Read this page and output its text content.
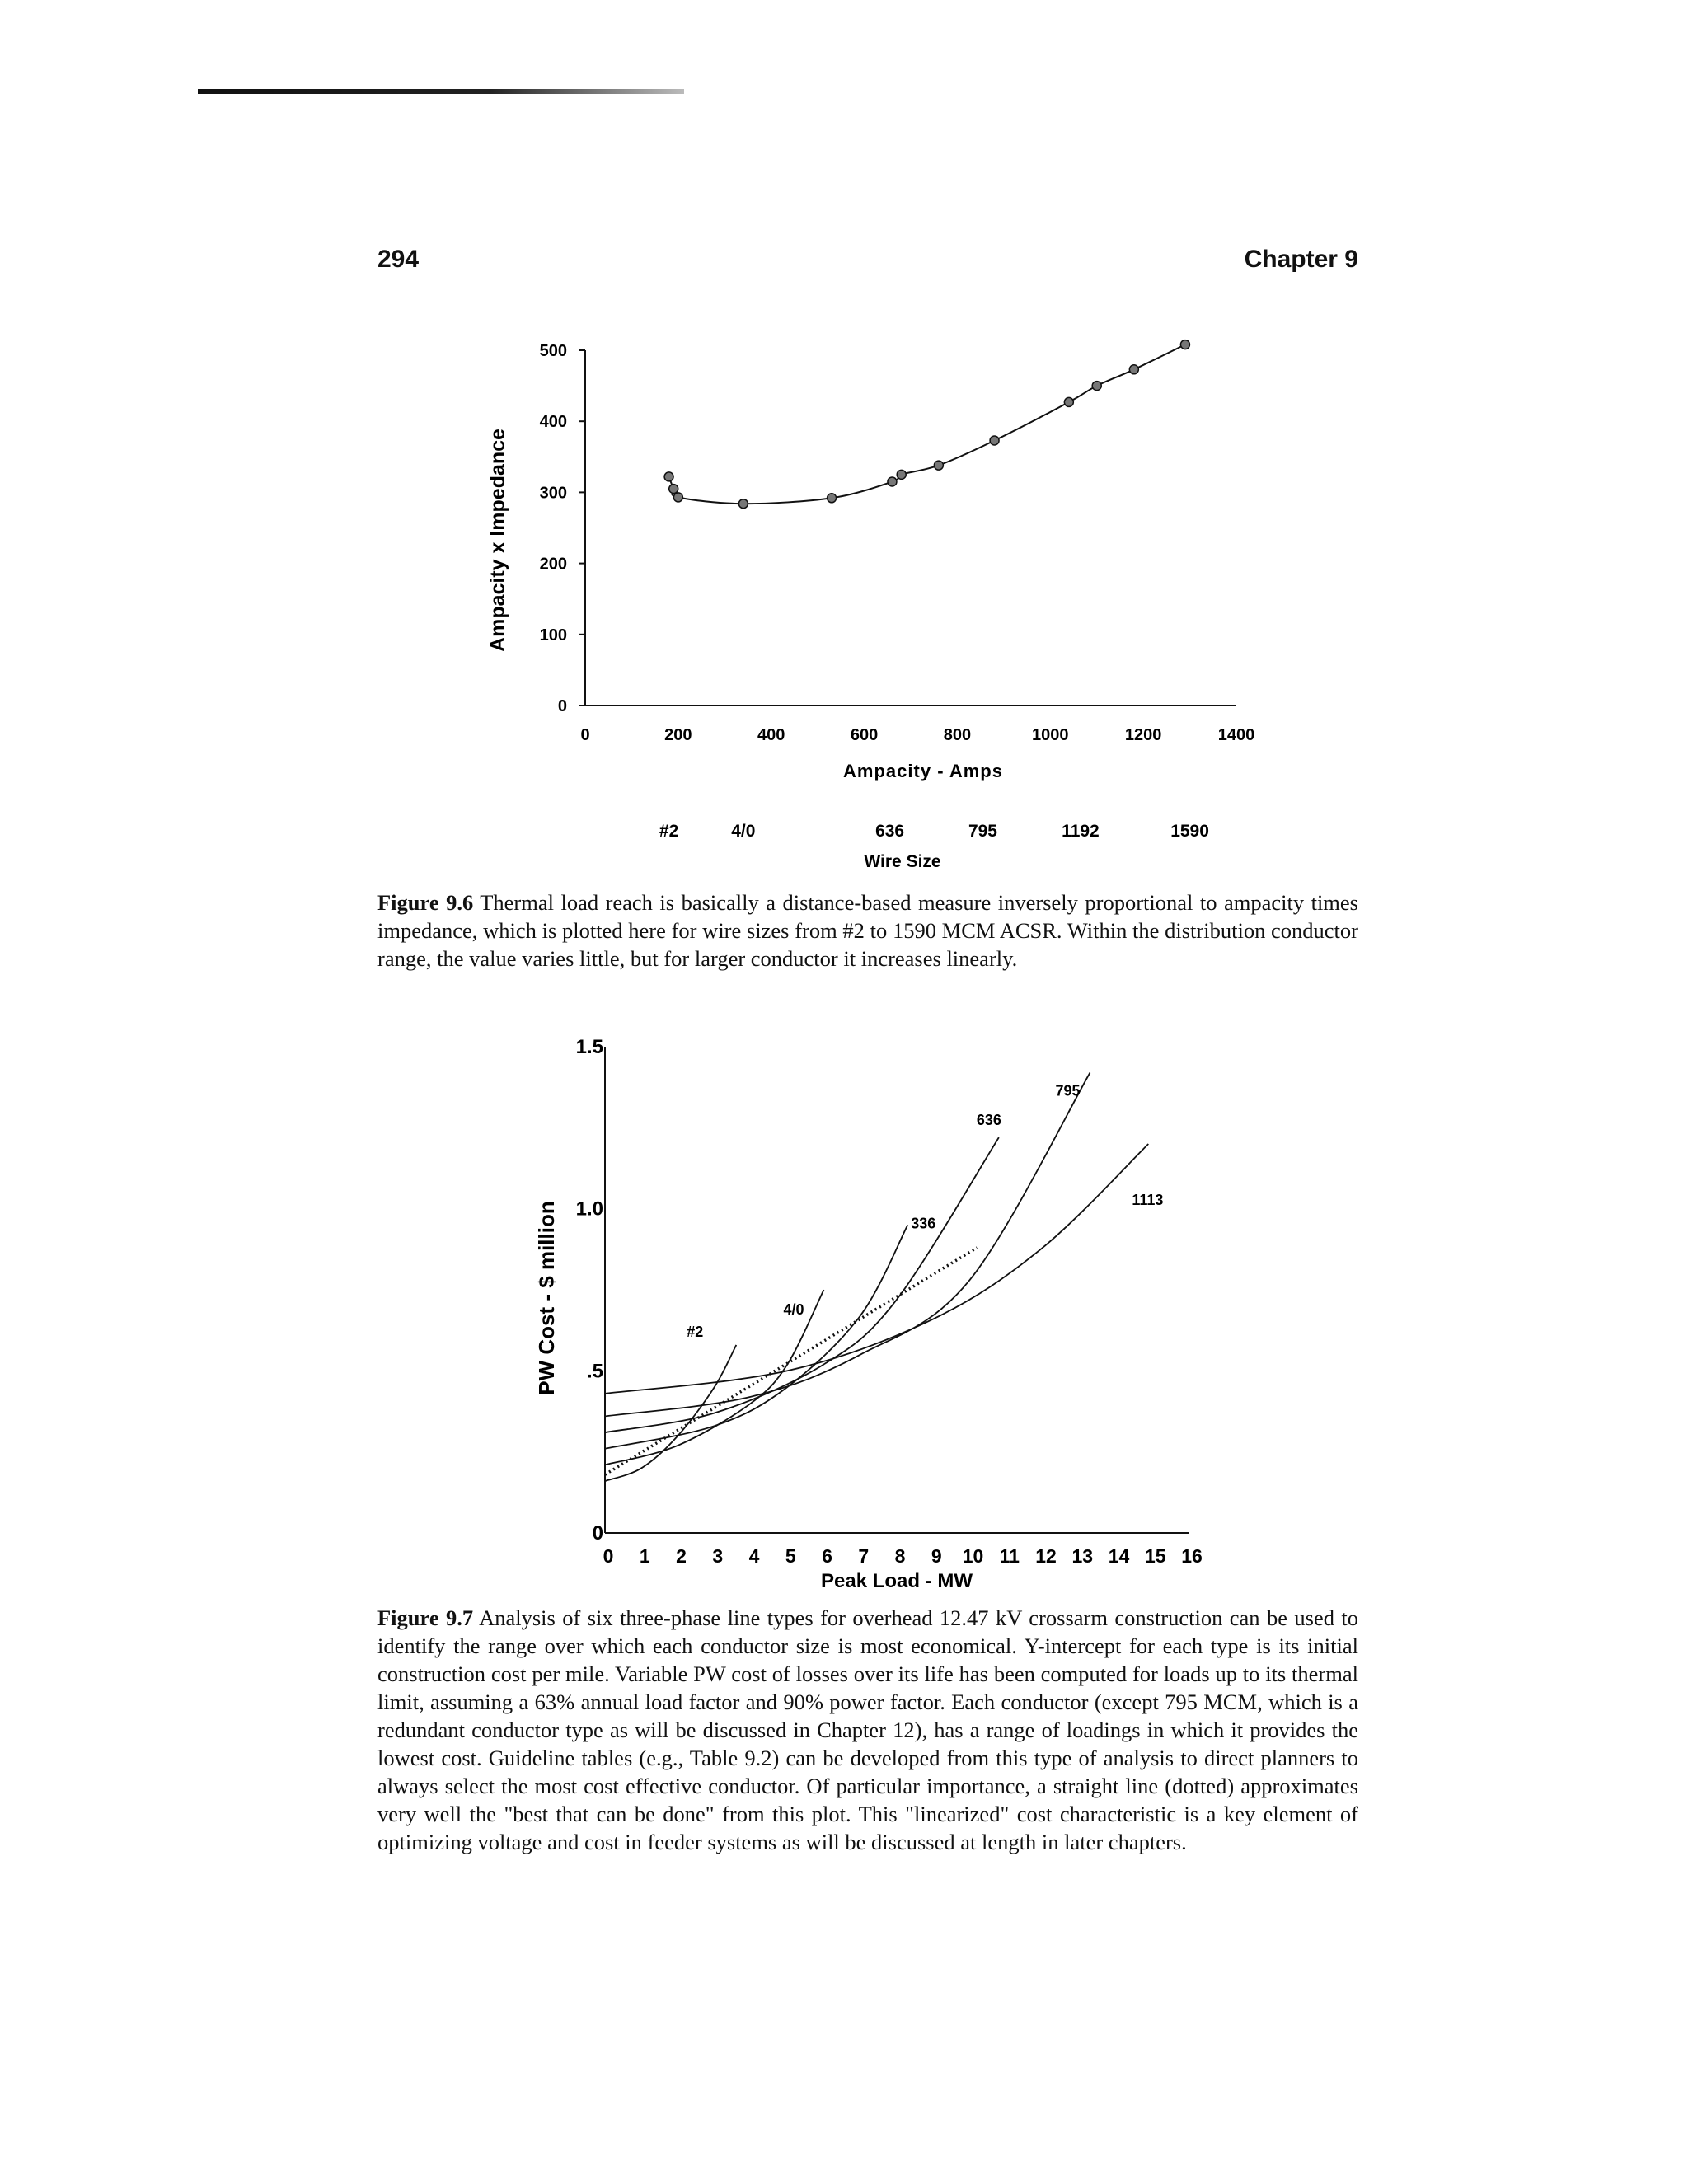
294	Chapter 9
0
100
200
300
400
500
0	200	400	600	800	1000	1200	1400
Ampacity - Amps
Ampacity x Impedance
#2	4/0	636	795	1192	1590
Wire Size
Figure 9.6 Thermal load reach is basically a distance-based measure inversely proportional to ampacity times impedance, which is plotted here for wire sizes from #2 to 1590 MCM ACSR. Within the distribution conductor range, the value varies little, but for larger conductor it increases linearly.
0
.5
1.0
1.5
0 1 2 3 4 5 6 7 8 9 10 11 12 13 14 15 16
Peak Load - MW
PW Cost - $ million	#2
4/0
336
636
795
1113
Figure 9.7 Analysis of six three-phase line types for overhead 12.47 kV crossarm construction can be used to identify the range over which each conductor size is most economical. Y-intercept for each type is its initial construction cost per mile. Variable PW cost of losses over its life has been computed for loads up to its thermal limit, assuming a 63% annual load factor and 90% power factor. Each conductor (except 795 MCM, which is a redundant conductor type as will be discussed in Chapter 12), has a range of loadings in which it provides the lowest cost. Guideline tables (e.g., Table 9.2) can be developed from this type of analysis to direct planners to always select the most cost effective conductor. Of particular importance, a straight line (dotted) approximates very well the "best that can be done" from this plot. This "linearized" cost characteristic is a key element of optimizing voltage and cost in feeder systems as will be discussed at length in later chapters.
